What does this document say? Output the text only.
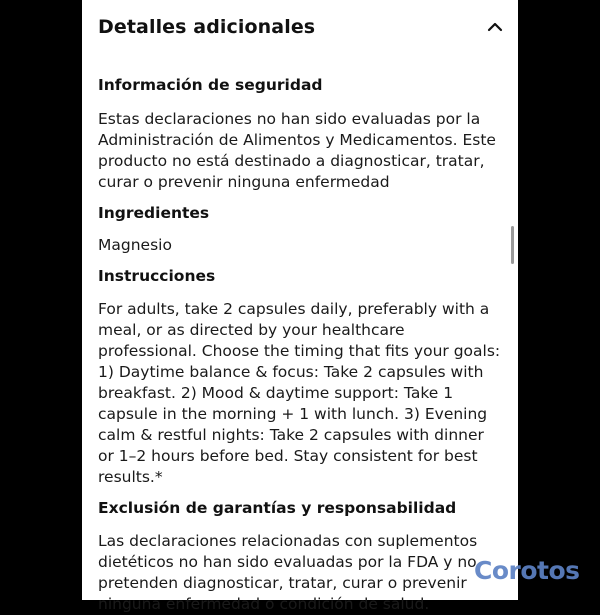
Detalles adicionales

Información de seguridad

Estas declaraciones no han sido evaluadas por la Administración de Alimentos y Medicamentos. Este producto no está destinado a diagnosticar, tratar, curar o prevenir ninguna enfermedad

Ingredientes

Magnesio

Instrucciones

For adults, take 2 capsules daily, preferably with a meal, or as directed by your healthcare professional. Choose the timing that fits your goals: 1) Daytime balance & focus: Take 2 capsules with breakfast. 2) Mood & daytime support: Take 1 capsule in the morning + 1 with lunch. 3) Evening calm & restful nights: Take 2 capsules with dinner or 1–2 hours before bed. Stay consistent for best results.*

Exclusión de garantías y responsabilidad

Las declaraciones relacionadas con suplementos dietéticos no han sido evaluadas por la FDA y no pretenden diagnosticar, tratar, curar o prevenir ninguna enfermedad o condición de salud.

Corotos
